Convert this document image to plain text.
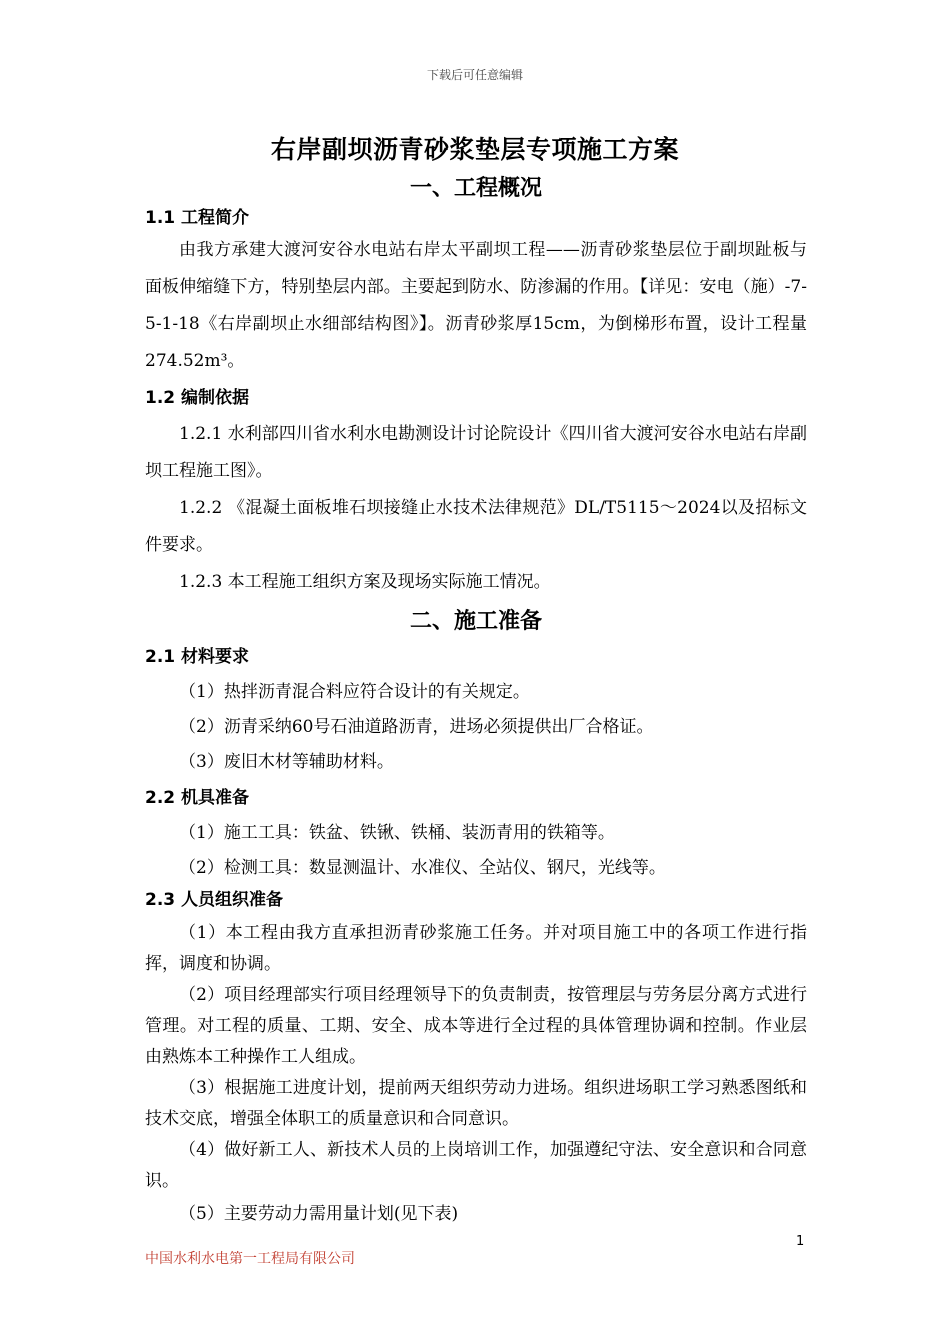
下载后可任意编辑
右岸副坝沥青砂浆垫层专项施工方案
一、工程概况
1.1 工程简介

由我方承建大渡河安谷水电站右岸太平副坝工程——沥青砂浆垫层位于副坝趾板与面板伸缩缝下方，特别垫层内部。主要起到防水、防渗漏的作用。【详见：安电（施）-7-5-1-18《右岸副坝止水细部结构图》】。沥青砂浆厚15cm，为倒梯形布置，设计工程量274.52m³。

1.2 编制依据

1.2.1 水利部四川省水利水电勘测设计讨论院设计《四川省大渡河安谷水电站右岸副坝工程施工图》。

1.2.2 《混凝土面板堆石坝接缝止水技术法律规范》DL/T5115～2024以及招标文件要求。

1.2.3 本工程施工组织方案及现场实际施工情况。

二、施工准备
2.1 材料要求

（1）热拌沥青混合料应符合设计的有关规定。

（2）沥青采纳60号石油道路沥青，进场必须提供出厂合格证。

（3）废旧木材等辅助材料。

2.2 机具准备

（1）施工工具：铁盆、铁锹、铁桶、装沥青用的铁箱等。

（2）检测工具：数显测温计、水准仪、全站仪、钢尺，光线等。

2.3 人员组织准备

（1）本工程由我方直承担沥青砂浆施工任务。并对项目施工中的各项工作进行指挥，调度和协调。

（2）项目经理部实行项目经理领导下的负责制责，按管理层与劳务层分离方式进行管理。对工程的质量、工期、安全、成本等进行全过程的具体管理协调和控制。作业层由熟炼本工种操作工人组成。

（3）根据施工进度计划，提前两天组织劳动力进场。组织进场职工学习熟悉图纸和技术交底，增强全体职工的质量意识和合同意识。

（4）做好新工人、新技术人员的上岗培训工作，加强遵纪守法、安全意识和合同意识。

（5）主要劳动力需用量计划(见下表)

1
中国水利水电第一工程局有限公司
